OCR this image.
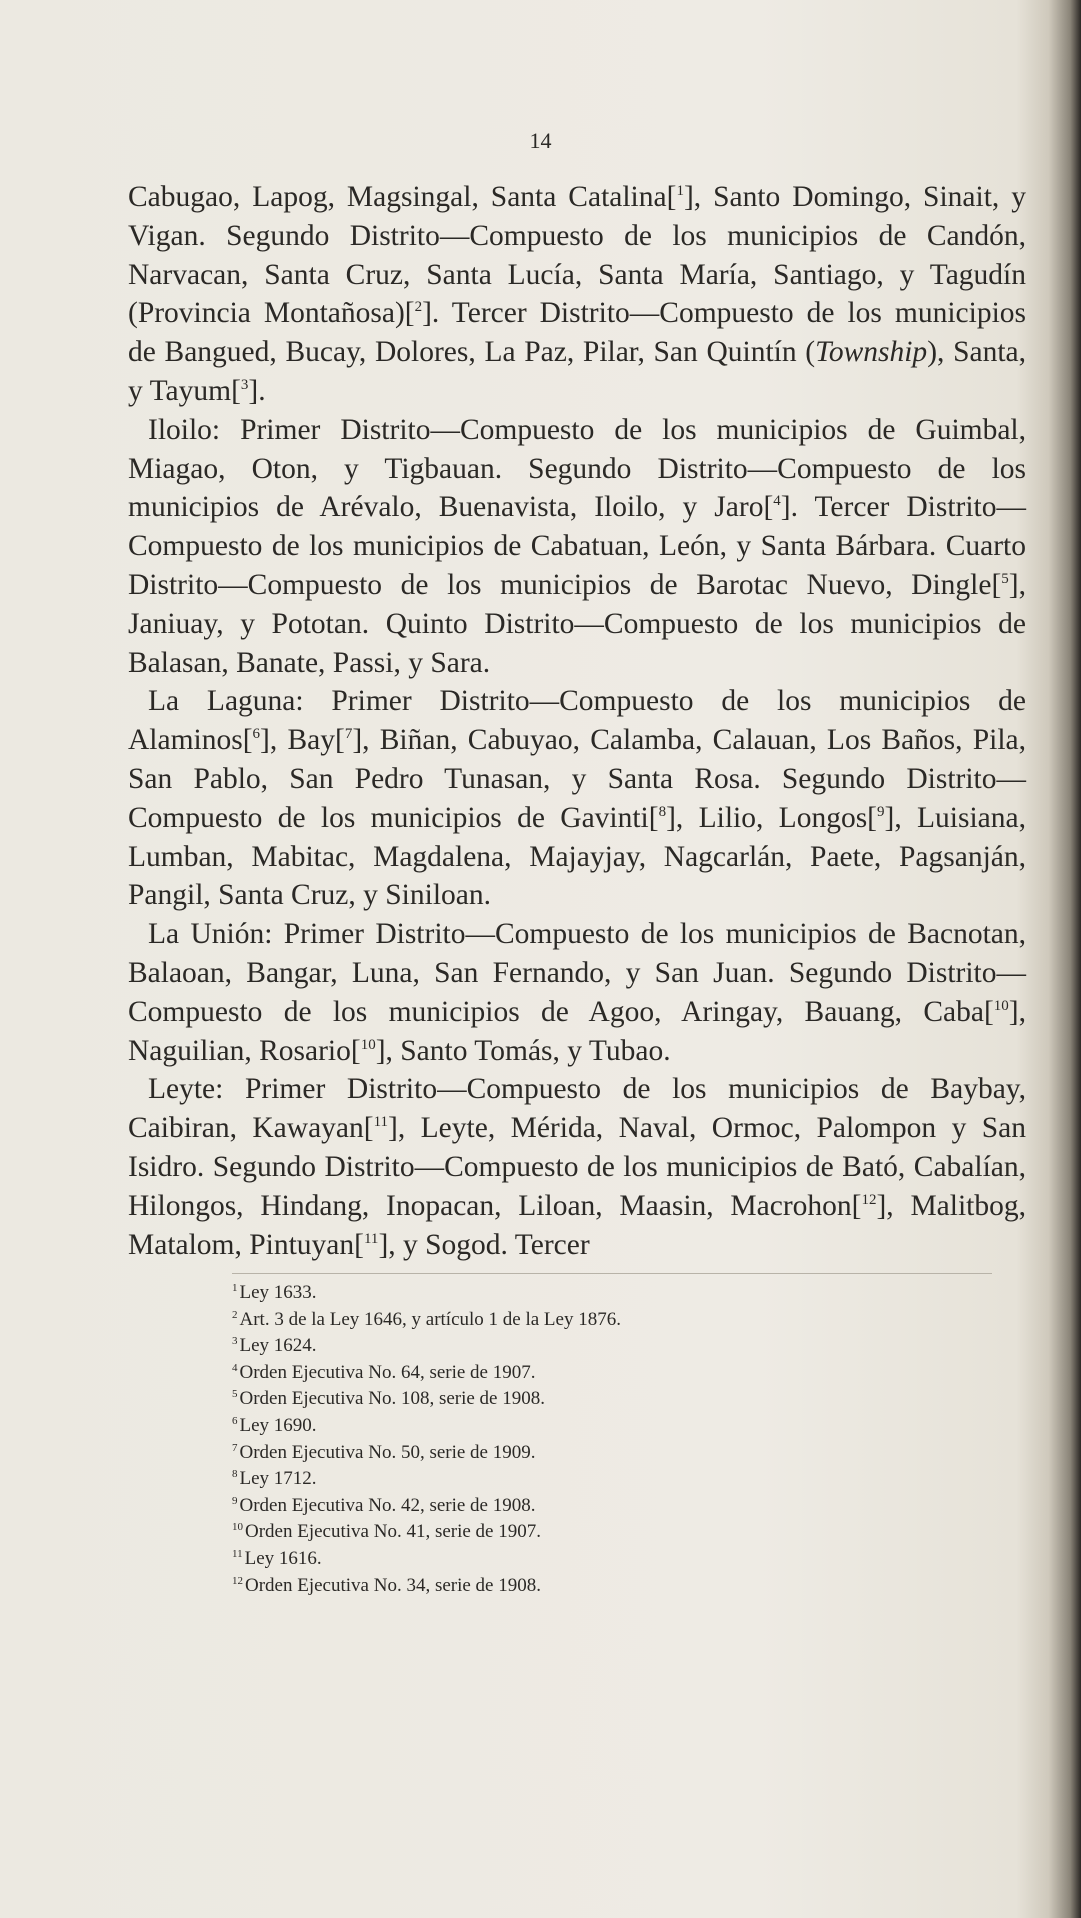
14

Cabugao, Lapog, Magsingal, Santa Catalina[$^1$], Santo Domingo, Sinait, y Vigan. Segundo Distrito—Compuesto de los municipios de Candón, Narvacan, Santa Cruz, Santa Lucía, Santa María, Santiago, y Tagudín (Provincia Montañosa)[$^2$]. Tercer Distrito—Compuesto de los municipios de Bangued, Bucay, Dolores, La Paz, Pilar, San Quintín (Township), Santa, y Tayum[$^3$].

Iloilo: Primer Distrito—Compuesto de los municipios de Guimbal, Miagao, Oton, y Tigbauan. Segundo Distrito—Compuesto de los municipios de Arévalo, Buenavista, Iloilo, y Jaro[$^4$]. Tercer Distrito—Compuesto de los municipios de Cabatuan, León, y Santa Bárbara. Cuarto Distrito—Compuesto de los municipios de Barotac Nuevo, Dingle[$^5$], Janiuay, y Pototan. Quinto Distrito—Compuesto de los municipios de Balasan, Banate, Passi, y Sara.

La Laguna: Primer Distrito—Compuesto de los municipios de Alaminos[$^6$], Bay[$^7$], Biñan, Cabuyao, Calamba, Calauan, Los Baños, Pila, San Pablo, San Pedro Tunasan, y Santa Rosa. Segundo Distrito—Compuesto de los municipios de Gavinti[$^8$], Lilio, Longos[$^9$], Luisiana, Lumban, Mabitac, Magdalena, Majayjay, Nagcarlán, Paete, Pagsanján, Pangil, Santa Cruz, y Siniloan.

La Unión: Primer Distrito—Compuesto de los municipios de Bacnotan, Balaoan, Bangar, Luna, San Fernando, y San Juan. Segundo Distrito—Compuesto de los municipios de Agoo, Aringay, Bauang, Caba[$^{10}$], Naguilian, Rosario[$^{10}$], Santo Tomás, y Tubao.

Leyte: Primer Distrito—Compuesto de los municipios de Baybay, Caibiran, Kawayan[$^{11}$], Leyte, Mérida, Naval, Ormoc, Palompon y San Isidro. Segundo Distrito—Compuesto de los municipios de Bató, Cabalían, Hilongos, Hindang, Inopacan, Liloan, Maasin, Macrohon[$^{12}$], Malitbog, Matalom, Pintuyan[$^{11}$], y Sogod. Tercer

$^1$ Ley 1633.
$^2$ Art. 3 de la Ley 1646, y artículo 1 de la Ley 1876.
$^3$ Ley 1624.
$^4$ Orden Ejecutiva No. 64, serie de 1907.
$^5$ Orden Ejecutiva No. 108, serie de 1908.
$^6$ Ley 1690.
$^7$ Orden Ejecutiva No. 50, serie de 1909.
$^8$ Ley 1712.
$^9$ Orden Ejecutiva No. 42, serie de 1908.
$^{10}$ Orden Ejecutiva No. 41, serie de 1907.
$^{11}$ Ley 1616.
$^{12}$ Orden Ejecutiva No. 34, serie de 1908.
